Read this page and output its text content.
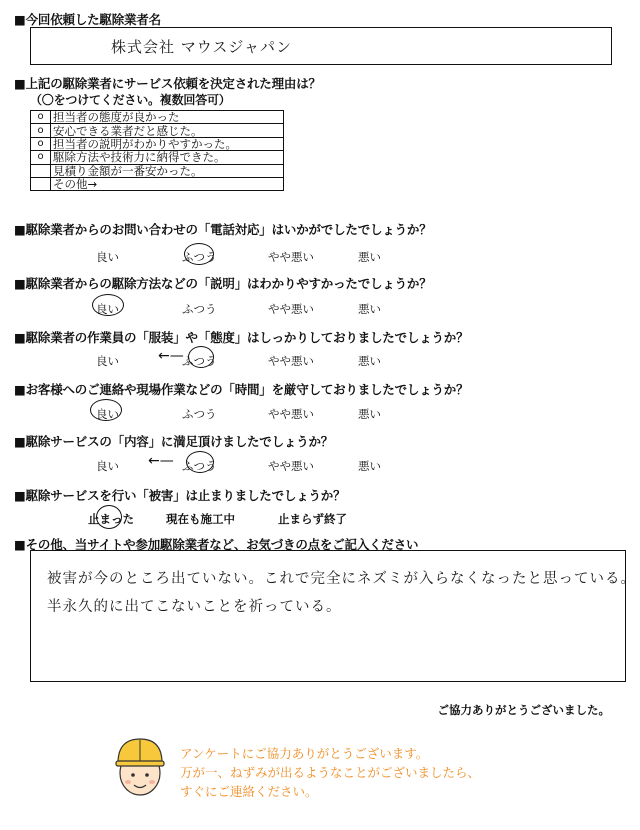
■今回依頼した駆除業者名
株式会社 マウスジャパン
■上記の駆除業者にサービス依頼を決定された理由は？
（〇をつけてください。複数回答可）
o	担当者の態度が良かった
o	安心できる業者だと感じた。
o	担当者の説明がわかりやすかった。
o	駆除方法や技術力に納得できた。
	見積り金額が一番安かった。
	その他→
■駆除業者からのお問い合わせの「電話対応」はいかがでしたでしょうか？
良い	ふつう	やや悪い	悪い
■駆除業者からの駆除方法などの「説明」はわかりやすかったでしょうか？
良い	ふつう	やや悪い	悪い
■駆除業者の作業員の「服装」や「態度」はしっかりしておりましたでしょうか？
良い	ふつう	やや悪い	悪い
■お客様へのご連絡や現場作業などの「時間」を厳守しておりましたでしょうか？
良い	ふつう	やや悪い	悪い
■駆除サービスの「内容」に満足頂けましたでしょうか？
良い	ふつう	やや悪い	悪い
■駆除サービスを行い「被害」は止まりましたでしょうか？
止まった	現在も施工中	止まらず終了
←—
←—
■その他、当サイトや参加駆除業者など、お気づきの点をご記入ください
被害が今のところ出ていない。これで完全にネズミが入らなくなったと思っている。
半永久的に出てこないことを祈っている。
ご協力ありがとうございました。
アンケートにご協力ありがとうございます。
万が一、ねずみが出るようなことがございましたら、
すぐにご連絡ください。
